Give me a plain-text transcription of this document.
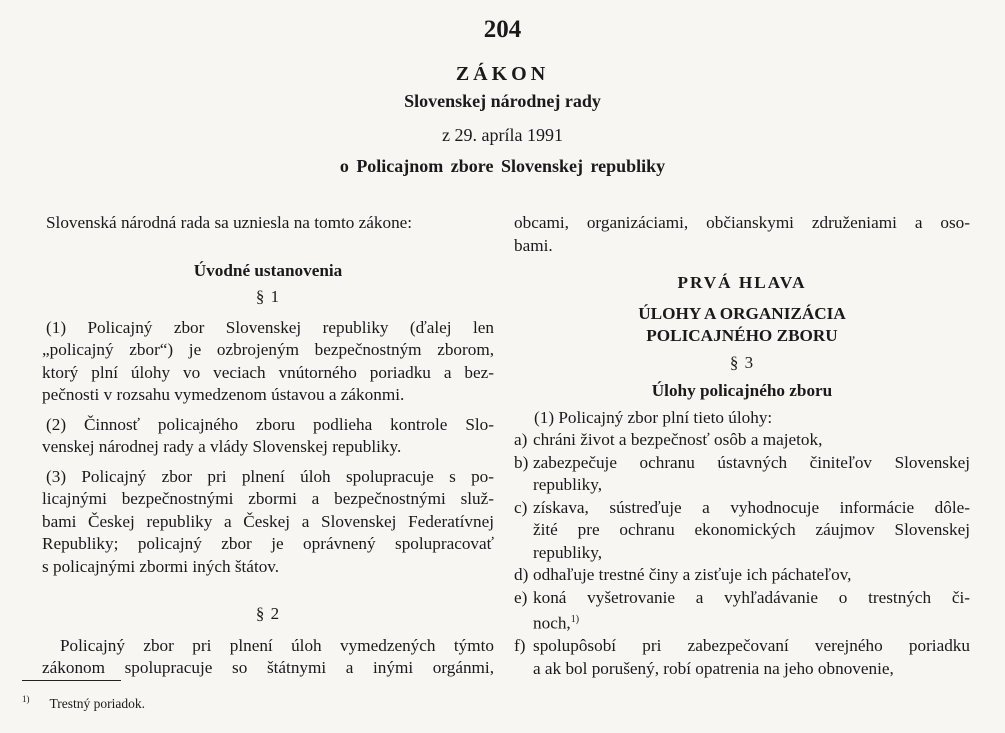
204
ZÁKON
Slovenskej národnej rady
z 29. apríla 1991
o Policajnom zbore Slovenskej republiky

Slovenská národná rada sa uzniesla na tomto zákone:

Úvodné ustanovenia

§ 1

(1) Policajný zbor Slovenskej republiky (ďalej len

„policajný zbor“) je ozbrojeným bezpečnostným zborom,

ktorý plní úlohy vo veciach vnútorného poriadku a bez-

pečnosti v rozsahu vymedzenom ústavou a zákonmi.

(2) Činnosť policajného zboru podlieha kontrole Slo-

venskej národnej rady a vlády Slovenskej republiky.

(3) Policajný zbor pri plnení úloh spolupracuje s po-

licajnými bezpečnostnými zbormi a bezpečnostnými služ-

bami Českej republiky a Českej a Slovenskej Federatívnej

Republiky; policajný zbor je oprávnený spolupracovať

s policajnými zbormi iných štátov.

§ 2

Policajný zbor pri plnení úloh vymedzených týmto

zákonom spolupracuje so štátnymi a inými orgánmi,

obcami, organizáciami, občianskymi združeniami a oso-

bami.

PRVÁ HLAVA

ÚLOHY A ORGANIZÁCIA

POLICAJNÉHO ZBORU

§ 3

Úlohy policajného zboru

(1) Policajný zbor plní tieto úlohy:

a) chráni život a bezpečnosť osôb a majetok,

b) zabezpečuje ochranu ústavných činiteľov Slovenskej

republiky,

c) získava, sústreďuje a vyhodnocuje informácie dôle-

žité pre ochranu ekonomických záujmov Slovenskej

republiky,

d) odhaľuje trestné činy a zisťuje ich páchateľov,

e) koná vyšetrovanie a vyhľadávanie o trestných či-

noch,$^{1)}$

f) spolupôsobí pri zabezpečovaní verejného poriadku

a ak bol porušený, robí opatrenia na jeho obnovenie,

$^{1)}$ Trestný poriadok.
